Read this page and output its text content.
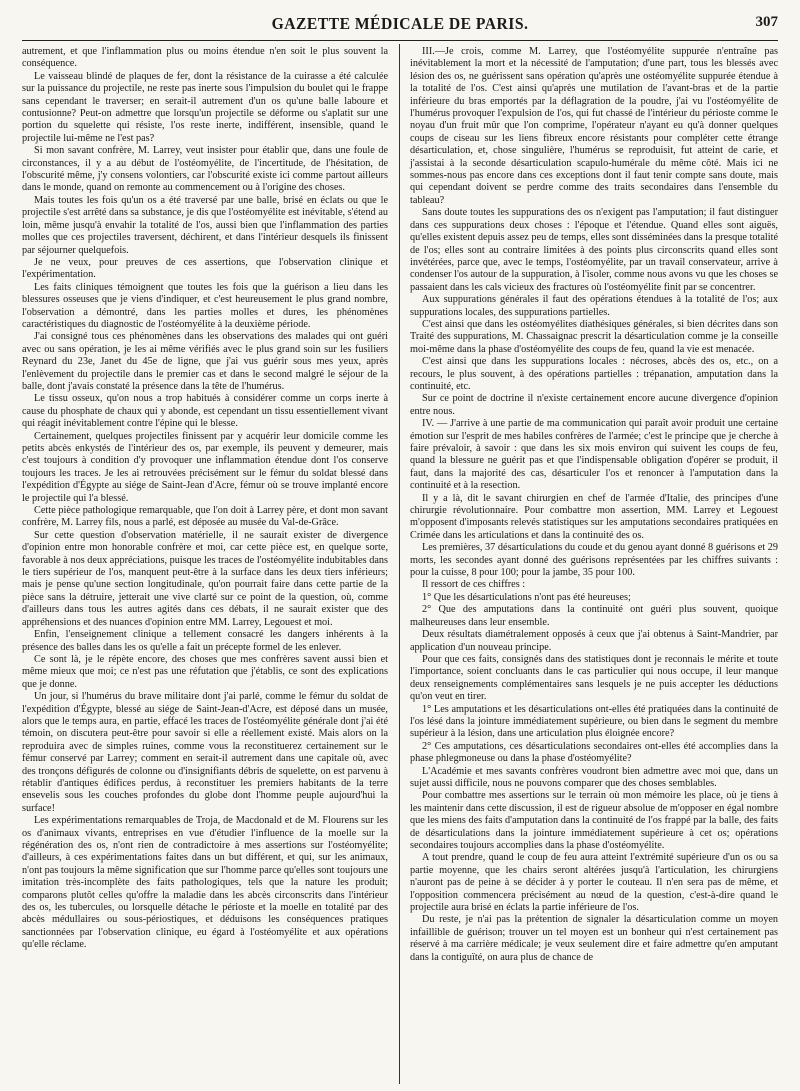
GAZETTE MÉDICALE DE PARIS.	307

autrement, et que l'inflammation plus ou moins étendue n'en soit le plus souvent la conséquence.

Le vaisseau blindé de plaques de fer, dont la résistance de la cuirasse a été calculée sur la puissance du projectile, ne reste pas inerte sous l'impulsion du boulet qui le frappe sans cependant le traverser; en serait-il autrement d'un os qu'une balle laboure et contusionne? Peut-on admettre que lorsqu'un projectile se déforme ou s'aplatit sur une portion du squelette qui résiste, l'os reste inerte, indifférent, insensible, quand le projectile lui-même ne l'est pas?

Si mon savant confrère, M. Larrey, veut insister pour établir que, dans une foule de circonstances, il y a au début de l'ostéomyélite, de l'incertitude, de l'hésitation, de l'obscurité même, j'y consens volontiers, car l'obscurité existe ici comme partout ailleurs dans le monde, quand on remonte au commencement ou à l'origine des choses.

Mais toutes les fois qu'un os a été traversé par une balle, brisé en éclats ou que le projectile s'est arrêté dans sa substance, je dis que l'ostéomyélite est inévitable, s'étend au loin, même jusqu'à envahir la totalité de l'os, aussi bien que l'inflammation des parties molles que ces projectiles traversent, déchirent, et dans l'intérieur desquels ils finissent par séjourner quelquefois.

Je ne veux, pour preuves de ces assertions, que l'observation clinique et l'expérimentation.

Les faits cliniques témoignent que toutes les fois que la guérison a lieu dans les blessures osseuses que je viens d'indiquer, et c'est heureusement le plus grand nombre, l'observation a démontré, dans les parties molles et dures, les phénomènes caractéristiques du diagnostic de l'ostéomyélite à la deuxième période.

J'ai consigné tous ces phénomènes dans les observations des malades qui ont guéri avec ou sans opération, je les ai même vérifiés avec le plus grand soin sur les fusiliers Reynard du 23e, Janet du 45e de ligne, que j'ai vus guérir sous mes yeux, après l'enlèvement du projectile dans le premier cas et dans le second malgré le séjour de la balle, dont j'avais constaté la présence dans la tête de l'humérus.

Le tissu osseux, qu'on nous a trop habitués à considérer comme un corps inerte à cause du phosphate de chaux qui y abonde, est cependant un tissu essentiellement vivant qui réagit inévitablement contre l'épine qui le blesse.

Certainement, quelques projectiles finissent par y acquérir leur domicile comme les petits abcès enkystés de l'intérieur des os, par exemple, ils peuvent y demeurer, mais c'est toujours à condition d'y provoquer une inflammation étendue dont l'os conserve toujours les traces. Je les ai retrouvées précisément sur le fémur du soldat blessé dans l'expédition d'Égypte au siége de Saint-Jean d'Acre, fémur où se trouve implanté encore le projectile qui l'a blessé.

Cette pièce pathologique remarquable, que l'on doit à Larrey père, et dont mon savant confrère, M. Larrey fils, nous a parlé, est déposée au musée du Val-de-Grâce.

Sur cette question d'observation matérielle, il ne saurait exister de divergence d'opinion entre mon honorable confrère et moi, car cette pièce est, en quelque sorte, favorable à nos deux appréciations, puisque les traces de l'ostéomyélite indubitables dans le tiers supérieur de l'os, manquent peut-être à la surface dans les deux tiers inférieurs; mais je pense qu'une section longitudinale, qu'on pourrait faire dans cette partie de la pièce sans la détruire, jetterait une vive clarté sur ce point de la question, où, comme d'ailleurs dans tous les autres agités dans ces débats, il ne saurait exister que des appréhensions et des nuances d'opinion entre MM. Larrey, Legouest et moi.

Enfin, l'enseignement clinique a tellement consacré les dangers inhérents à la présence des balles dans les os qu'elle a fait un précepte formel de les enlever.

Ce sont là, je le répète encore, des choses que mes confrères savent aussi bien et même mieux que moi; ce n'est pas une réfutation que j'établis, ce sont des explications que je donne.

Un jour, si l'humérus du brave militaire dont j'ai parlé, comme le fémur du soldat de l'expédition d'Égypte, blessé au siége de Saint-Jean-d'Acre, est déposé dans un musée, alors que le temps aura, en partie, effacé les traces de l'ostéomyélite générale dont j'ai été témoin, on discutera peut-être pour savoir si elle a réellement existé. Mais alors on la reproduira avec de simples ruines, comme vous la reconstituerez certainement sur le fémur conservé par Larrey; comment en serait-il autrement dans une capitale où, avec des tronçons défigurés de colonne ou d'insignifiants débris de squelette, on est parvenu à rétablir d'antiques édifices perdus, à reconstituer les premiers habitants de la terre ensevelis sous les couches profondes du globe dont l'homme peuple aujourd'hui la surface!

Les expérimentations remarquables de Troja, de Macdonald et de M. Flourens sur les os d'animaux vivants, entreprises en vue d'étudier l'influence de la moelle sur la régénération des os, n'ont rien de contradictoire à mes assertions sur l'ostéomyélite; d'ailleurs, à ces expérimentations faites dans un but différent, et qui, sur les animaux, n'ont pas toujours la même signification que sur l'homme parce qu'elles sont toujours une imitation très-incomplète des faits pathologiques, tels que la nature les produit; comparons plutôt celles qu'offre la maladie dans les abcès circonscrits dans l'intérieur des os, les tubercules, ou lorsquelle détache le périoste et la moelle en totalité par des abcès médullaires ou sous-périostiques, et déduisons les conséquences pratiques sanctionnées par l'observation clinique, eu égard à l'ostéomyélite et aux opérations qu'elle réclame.

III.—Je crois, comme M. Larrey, que l'ostéomyélite suppurée n'entraîne pas inévitablement la mort et la nécessité de l'amputation; d'une part, tous les blessés avec lésion des os, ne guérissent sans opération qu'après une ostéomyélite suppurée étendue à la totalité de l'os. C'est ainsi qu'après une mutilation de l'avant-bras et de la partie inférieure du bras emportés par la déflagration de la poudre, j'ai vu l'ostéomyélite de l'humérus provoquer l'expulsion de l'os, qui fut chassé de l'intérieur du périoste comme le noyau d'un fruit mûr que l'on comprime, l'opérateur n'ayant eu qu'à donner quelques coups de ciseau sur les liens fibreux encore résistants pour compléter cette étrange désarticulation, et, chose singulière, l'humérus se reproduisit, fut atteint de carie, et j'assistai à la seconde désarticulation scapulo-humérale du même côté. Mais ici ne sommes-nous pas encore dans ces exceptions dont il faut tenir compte sans doute, mais qui cependant doivent se perdre comme des traits secondaires dans l'ensemble du tableau?

Sans doute toutes les suppurations des os n'exigent pas l'amputation; il faut distinguer dans ces suppurations deux choses : l'époque et l'étendue. Quand elles sont aiguës, qu'elles existent depuis assez peu de temps, elles sont disséminées dans la presque totalité de l'os; elles sont au contraire limitées à des points plus circonscrits quand elles sont invétérées, parce que, avec le temps, l'ostéomyélite, par un travail conservateur, arrive à condenser l'os autour de la suppuration, à l'isoler, comme nous avons vu que les choses se passaient dans les cals vicieux des fractures où l'ostéomyélite finit par se concentrer.

Aux suppurations générales il faut des opérations étendues à la totalité de l'os; aux suppurations locales, des suppurations partielles.

C'est ainsi que dans les ostéomyélites diathésiques générales, si bien décrites dans son Traité des suppurations, M. Chassaignac prescrit la désarticulation comme je la conseille moi-même dans la phase d'ostéomyélite des coups de feu, quand la vie est menacée.

C'est ainsi que dans les suppurations locales : nécroses, abcès des os, etc., on a recours, le plus souvent, à des opérations partielles : trépanation, amputation dans la continuité, etc.

Sur ce point de doctrine il n'existe certainement encore aucune divergence d'opinion entre nous.

IV. — J'arrive à une partie de ma communication qui paraît avoir produit une certaine émotion sur l'esprit de mes habiles confrères de l'armée; c'est le principe que je cherche à faire prévaloir, à savoir : que dans les six mois environ qui suivent les coups de feu, quand la blessure ne guérit pas et que l'indispensable obligation d'opérer se produit, il faut, dans la majorité des cas, désarticuler l'os et renoncer à l'amputation dans la continuité et à la resection.

Il y a là, dit le savant chirurgien en chef de l'armée d'Italie, des principes d'une chirurgie révolutionnaire. Pour combattre mon assertion, MM. Larrey et Legouest m'opposent d'imposants relevés statistiques sur les amputations secondaires pratiquées en Crimée dans les articulations et dans la continuité des os.

Les premières, 37 désarticulations du coude et du genou ayant donné 8 guérisons et 29 morts, les secondes ayant donné des guérisons représentées par les chiffres suivants : pour la cuisse, 8 pour 100; pour la jambe, 35 pour 100.

Il ressort de ces chiffres :

1° Que les désarticulations n'ont pas été heureuses;

2° Que des amputations dans la continuité ont guéri plus souvent, quoique malheureuses dans leur ensemble.

Deux résultats diamétralement opposés à ceux que j'ai obtenus à Saint-Mandrier, par application d'un nouveau principe.

Pour que ces faits, consignés dans des statistiques dont je reconnais le mérite et toute l'importance, soient concluants dans le cas particulier qui nous occupe, il leur manque deux renseignements complémentaires sans lesquels je ne puis accepter les déductions qu'on veut en tirer.

1° Les amputations et les désarticulations ont-elles été pratiquées dans la continuité de l'os lésé dans la jointure immédiatement supérieure, ou bien dans le segment du membre supérieur à la lésion, dans une articulation plus éloignée encore?

2° Ces amputations, ces désarticulations secondaires ont-elles été accomplies dans la phase phlegmoneuse ou dans la phase d'ostéomyélite?

L'Académie et mes savants confrères voudront bien admettre avec moi que, dans un sujet aussi difficile, nous ne pouvons comparer que des choses semblables.

Pour combattre mes assertions sur le terrain où mon mémoire les place, où je tiens à les maintenir dans cette discussion, il est de rigueur absolue de m'opposer en égal nombre que les miens des faits d'amputation dans la continuité de l'os frappé par la balle, des faits de désarticulations dans la jointure immédiatement supérieure à cet os; opérations secondaires toujours accomplies dans la phase d'ostéomyélite.

A tout prendre, quand le coup de feu aura atteint l'extrémité supérieure d'un os ou sa partie moyenne, que les chairs seront altérées jusqu'à l'articulation, les chirurgiens n'auront pas de peine à se décider à y porter le couteau. Il n'en sera pas de même, et l'opposition commencera précisément au nœud de la question, c'est-à-dire quand le projectile aura brisé en éclats la partie inférieure de l'os.

Du reste, je n'ai pas la prétention de signaler la désarticulation comme un moyen infaillible de guérison; trouver un tel moyen est un bonheur qui n'est certainement pas réservé à ma carrière médicale; je veux seulement dire et faire admettre qu'en amputant dans la contiguïté, on aura plus de chance de
